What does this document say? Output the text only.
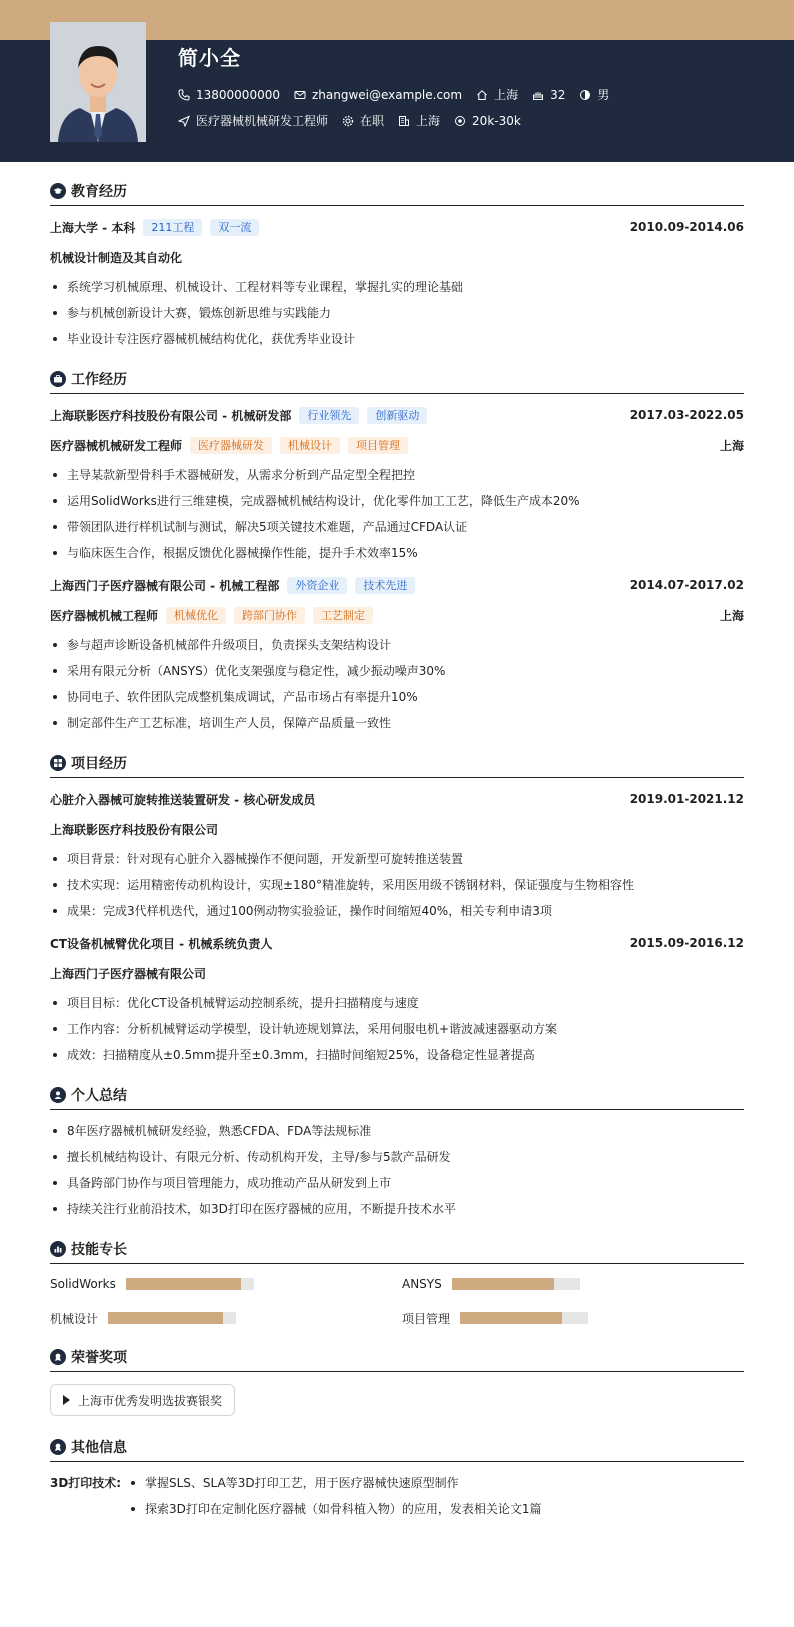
简小全
13800000000	zhangwei@example.com	上海	32	男
医疗器械机械研发工程师	在职	上海	20k-30k
教育经历
上海大学 - 本科	211工程	双一流	2010.09-2014.06
机械设计制造及其自动化
系统学习机械原理、机械设计、工程材料等专业课程，掌握扎实的理论基础
参与机械创新设计大赛，锻炼创新思维与实践能力
毕业设计专注医疗器械机械结构优化，获优秀毕业设计
工作经历
上海联影医疗科技股份有限公司 - 机械研发部	行业领先	创新驱动	2017.03-2022.05
医疗器械机械研发工程师	医疗器械研发	机械设计	项目管理	上海
主导某款新型骨科手术器械研发，从需求分析到产品定型全程把控
运用SolidWorks进行三维建模，完成器械机械结构设计，优化零件加工工艺，降低生产成本20%
带领团队进行样机试制与测试，解决5项关键技术难题，产品通过CFDA认证
与临床医生合作，根据反馈优化器械操作性能，提升手术效率15%
上海西门子医疗器械有限公司 - 机械工程部	外资企业	技术先进	2014.07-2017.02
医疗器械机械工程师	机械优化	跨部门协作	工艺制定	上海
参与超声诊断设备机械部件升级项目，负责探头支架结构设计
采用有限元分析（ANSYS）优化支架强度与稳定性，减少振动噪声30%
协同电子、软件团队完成整机集成调试，产品市场占有率提升10%
制定部件生产工艺标准，培训生产人员，保障产品质量一致性
项目经历
心脏介入器械可旋转推送装置研发 - 核心研发成员	2019.01-2021.12
上海联影医疗科技股份有限公司
项目背景：针对现有心脏介入器械操作不便问题，开发新型可旋转推送装置
技术实现：运用精密传动机构设计，实现±180°精准旋转，采用医用级不锈钢材料，保证强度与生物相容性
成果：完成3代样机迭代，通过100例动物实验验证，操作时间缩短40%，相关专利申请3项
CT设备机械臂优化项目 - 机械系统负责人	2015.09-2016.12
上海西门子医疗器械有限公司
项目目标：优化CT设备机械臂运动控制系统，提升扫描精度与速度
工作内容：分析机械臂运动学模型，设计轨迹规划算法，采用伺服电机+谐波减速器驱动方案
成效：扫描精度从±0.5mm提升至±0.3mm，扫描时间缩短25%，设备稳定性显著提高
个人总结
8年医疗器械机械研发经验，熟悉CFDA、FDA等法规标准
擅长机械结构设计、有限元分析、传动机构开发，主导/参与5款产品研发
具备跨部门协作与项目管理能力，成功推动产品从研发到上市
持续关注行业前沿技术，如3D打印在医疗器械的应用，不断提升技术水平
技能专长
SolidWorks	ANSYS
机械设计	项目管理
荣誉奖项
上海市优秀发明选拔赛银奖
其他信息
3D打印技术:	掌握SLS、SLA等3D打印工艺，用于医疗器械快速原型制作
探索3D打印在定制化医疗器械（如骨科植入物）的应用，发表相关论文1篇
